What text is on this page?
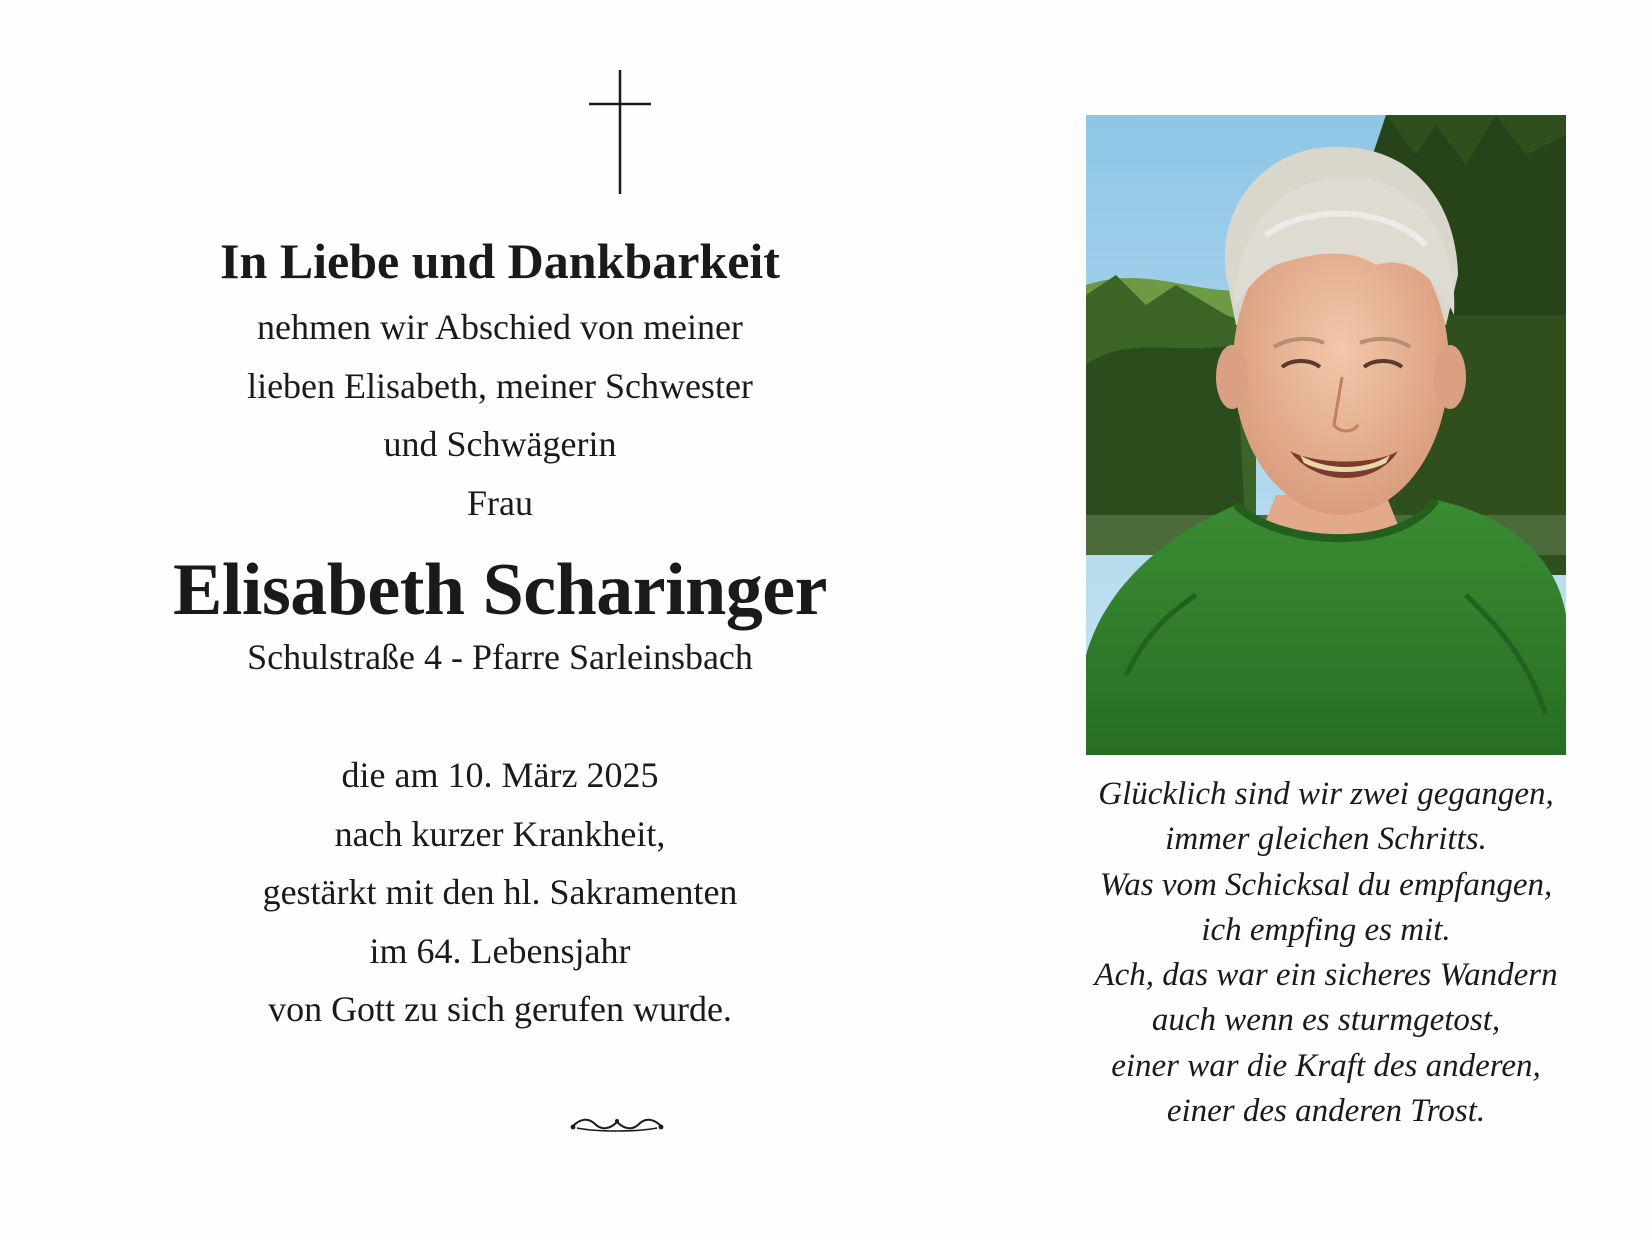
In Liebe und Dankbarkeit
nehmen wir Abschied von meiner
lieben Elisabeth, meiner Schwester
und Schwägerin
Frau
Elisabeth Scharinger
Schulstraße 4 - Pfarre Sarleinsbach
die am 10. März 2025
nach kurzer Krankheit,
gestärkt mit den hl. Sakramenten
im 64. Lebensjahr
von Gott zu sich gerufen wurde.
Glücklich sind wir zwei gegangen,
immer gleichen Schritts.
Was vom Schicksal du empfangen,
ich empfing es mit.
Ach, das war ein sicheres Wandern
auch wenn es sturmgetost,
einer war die Kraft des anderen,
einer des anderen Trost.
